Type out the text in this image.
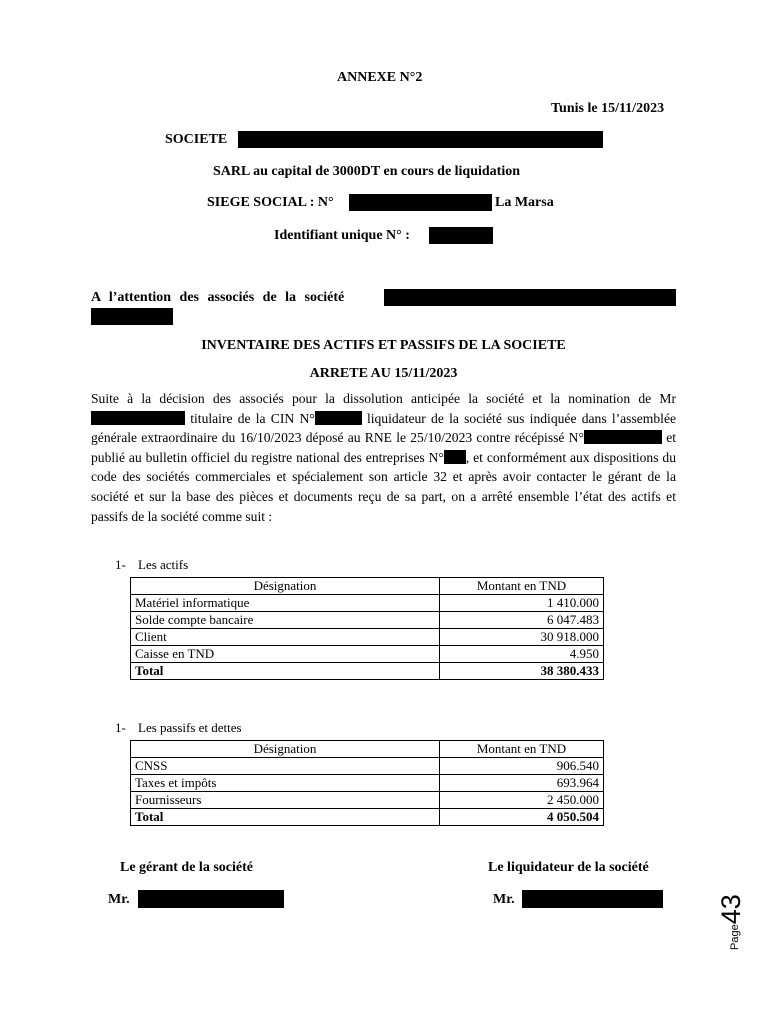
ANNEXE N°2
Tunis le 15/11/2023
SOCIETE
SARL au capital de 3000DT en cours de liquidation
SIEGE SOCIAL : N°	La Marsa
Identifiant unique N° :
A l’attention des associés de la société
INVENTAIRE DES ACTIFS ET PASSIFS DE LA SOCIETE
ARRETE AU 15/11/2023
Suite à la décision des associés pour la dissolution anticipée la société et la nomination de Mr  titulaire de la CIN N°	liquidateur de la société sus indiquée dans l’assemblée générale extraordinaire du 16/10/2023 déposé au RNE le 25/10/2023 contre récépissé N°	et publié au bulletin officiel du registre national des entreprises N° , et conformément aux dispositions du code des sociétés commerciales et spécialement son article 32 et après avoir contacter le gérant de la société et sur la base des pièces et documents reçu de sa part, on a arrêté ensemble l’état des actifs et passifs de la société comme suit :
1- Les actifs
Désignation	Montant en TND
Matériel informatique	1 410.000
Solde compte bancaire	6 047.483
Client	30 918.000
Caisse en TND	4.950
Total	38 380.433
1- Les passifs et dettes
Désignation	Montant en TND
CNSS	906.540
Taxes et impôts	693.964
Fournisseurs	2 450.000
Total	4 050.504
Le gérant de la société	Le liquidateur de la société
Mr.	Mr.
Page43
